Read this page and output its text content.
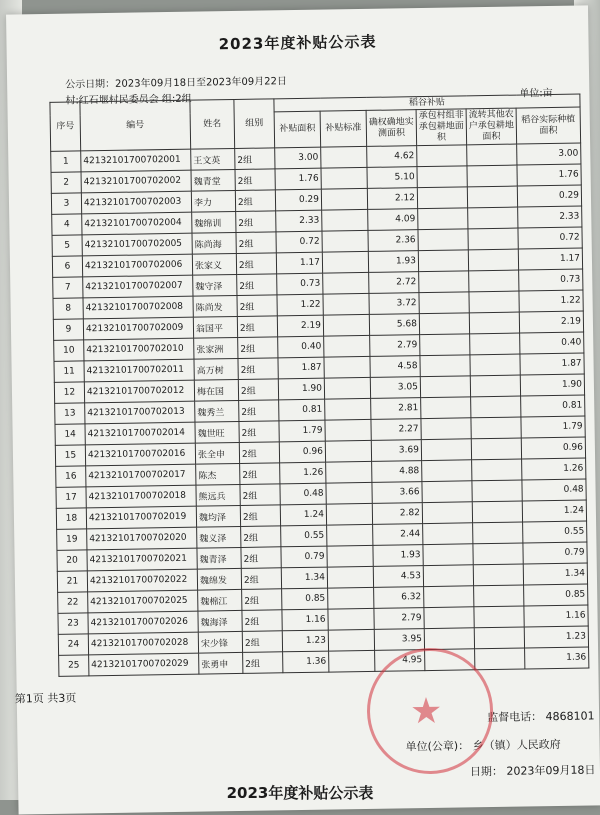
2023年度补贴公示表
公示日期：2023年09月18日至2023年09月22日
村:红石堰村民委员会 组:2组	单位:亩
序号	编号	姓名	组别	稻谷补贴					
				补贴面积	补贴标准	确权确地实测面积	承包村组非承包耕地面积	流转其他农户承包耕地面积	稻谷实际种植面积
1	42132101700702001	王文英	2组	3.00		4.62			3.00
2	42132101700702002	魏青堂	2组	1.76		5.10			1.76
3	42132101700702003	李力	2组	0.29		2.12			0.29
4	42132101700702004	魏绵训	2组	2.33		4.09			2.33
5	42132101700702005	陈尚海	2组	0.72		2.36			0.72
6	42132101700702006	张家义	2组	1.17		1.93			1.17
7	42132101700702007	魏守泽	2组	0.73		2.72			0.73
8	42132101700702008	陈尚发	2组	1.22		3.72			1.22
9	42132101700702009	翁国平	2组	2.19		5.68			2.19
10	42132101700702010	张家洲	2组	0.40		2.79			0.40
11	42132101700702011	高万树	2组	1.87		4.58			1.87
12	42132101700702012	梅在国	2组	1.90		3.05			1.90
13	42132101700702013	魏秀兰	2组	0.81		2.81			0.81
14	42132101700702014	魏世旺	2组	1.79		2.27			1.79
15	42132101700702016	张全申	2组	0.96		3.69			0.96
16	42132101700702017	陈杰	2组	1.26		4.88			1.26
17	42132101700702018	熊远兵	2组	0.48		3.66			0.48
18	42132101700702019	魏均泽	2组	1.24		2.82			1.24
19	42132101700702020	魏义泽	2组	0.55		2.44			0.55
20	42132101700702021	魏青泽	2组	0.79		1.93			0.79
21	42132101700702022	魏绵发	2组	1.34		4.53			1.34
22	42132101700702025	魏棉江	2组	0.85		6.32			0.85
23	42132101700702026	魏海泽	2组	1.16		2.79			1.16
24	42132101700702028	宋少锋	2组	1.23		3.95			1.23
25	42132101700702029	张勇申	2组	1.36		4.95			1.36
第1页 共3页
监督电话： 4868101
单位(公章)： 乡（镇）人民政府
日期： 2023年09月18日
★
2023年度补贴公示表
